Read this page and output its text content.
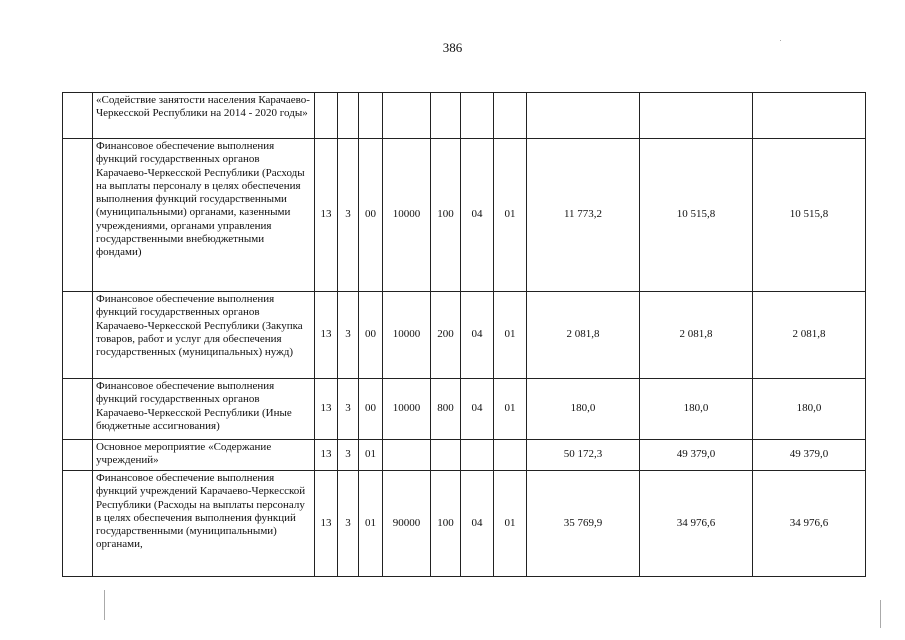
386
	«Содействие занятости населения Карачаево-Черкесской Республики на 2014 - 2020 годы»										
	Финансовое обеспечение выполнения функций государственных органов Карачаево-Черкесской Республики (Расходы на выплаты персоналу в целях обеспечения выполнения функций государственными (муниципальными) органами, казенными учреждениями, органами управления государственными внебюджетными фондами)	13	3	00	10000	100	04	01	11 773,2	10 515,8	10 515,8
	Финансовое обеспечение выполнения функций государственных органов Карачаево-Черкесской Республики (Закупка товаров, работ и услуг для обеспечения государственных (муниципальных) нужд)	13	3	00	10000	200	04	01	2 081,8	2 081,8	2 081,8
	Финансовое обеспечение выполнения функций государственных органов Карачаево-Черкесской Республики (Иные бюджетные ассигнования)	13	3	00	10000	800	04	01	180,0	180,0	180,0
	Основное мероприятие «Содержание учреждений»	13	3	01					50 172,3	49 379,0	49 379,0
	Финансовое обеспечение выполнения функций учреждений Карачаево-Черкесской Республики (Расходы на выплаты персоналу в целях обеспечения выполнения функций государственными (муниципальными) органами,	13	3	01	90000	100	04	01	35 769,9	34 976,6	34 976,6
